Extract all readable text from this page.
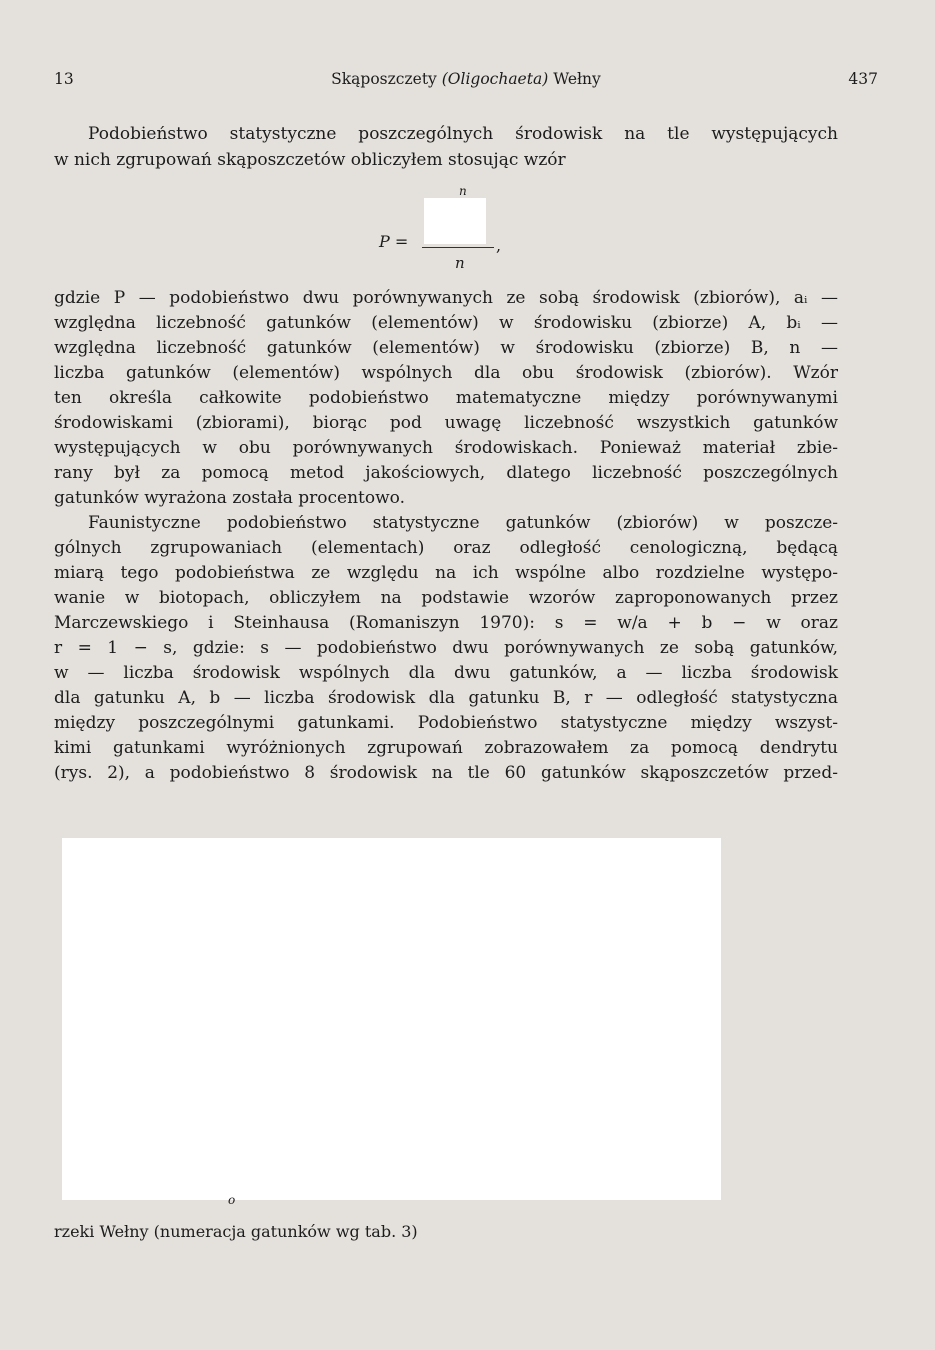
13	Skąposzczety (Oligochaeta) Wełny	437
Podobieństwo statystyczne poszczególnych środowisk na tle występujących
w nich zgrupowań skąposzczetów obliczyłem stosując wzór
n
P =	,
n
gdzie P — podobieństwo dwu porównywanych ze sobą środowisk (zbiorów), aᵢ —
względna liczebność gatunków (elementów) w środowisku (zbiorze) A, bᵢ —
względna liczebność gatunków (elementów) w środowisku (zbiorze) B, n —
liczba gatunków (elementów) wspólnych dla obu środowisk (zbiorów). Wzór
ten określa całkowite podobieństwo matematyczne między porównywanymi
środowiskami (zbiorami), biorąc pod uwagę liczebność wszystkich gatunków
występujących w obu porównywanych środowiskach. Ponieważ materiał zbie-
rany był za pomocą metod jakościowych, dlatego liczebność poszczególnych
gatunków wyrażona została procentowo.
Faunistyczne podobieństwo statystyczne gatunków (zbiorów) w poszcze-
gólnych zgrupowaniach (elementach) oraz odległość cenologiczną, będącą
miarą tego podobieństwa ze względu na ich wspólne albo rozdzielne występo-
wanie w biotopach, obliczyłem na podstawie wzorów zaproponowanych przez
Marczewskiego i Steinhausa (Romaniszyn 1970): s = w/a + b − w oraz
r = 1 − s, gdzie: s — podobieństwo dwu porównywanych ze sobą gatunków,
w — liczba środowisk wspólnych dla dwu gatunków, a — liczba środowisk
dla gatunku A, b — liczba środowisk dla gatunku B, r — odległość statystyczna
między poszczególnymi gatunkami. Podobieństwo statystyczne między wszyst-
kimi gatunkami wyróżnionych zgrupowań zobrazowałem za pomocą dendrytu
(rys. 2), a podobieństwo 8 środowisk na tle 60 gatunków skąposzczetów przed-
o
rzeki Wełny (numeracja gatunków wg tab. 3)
